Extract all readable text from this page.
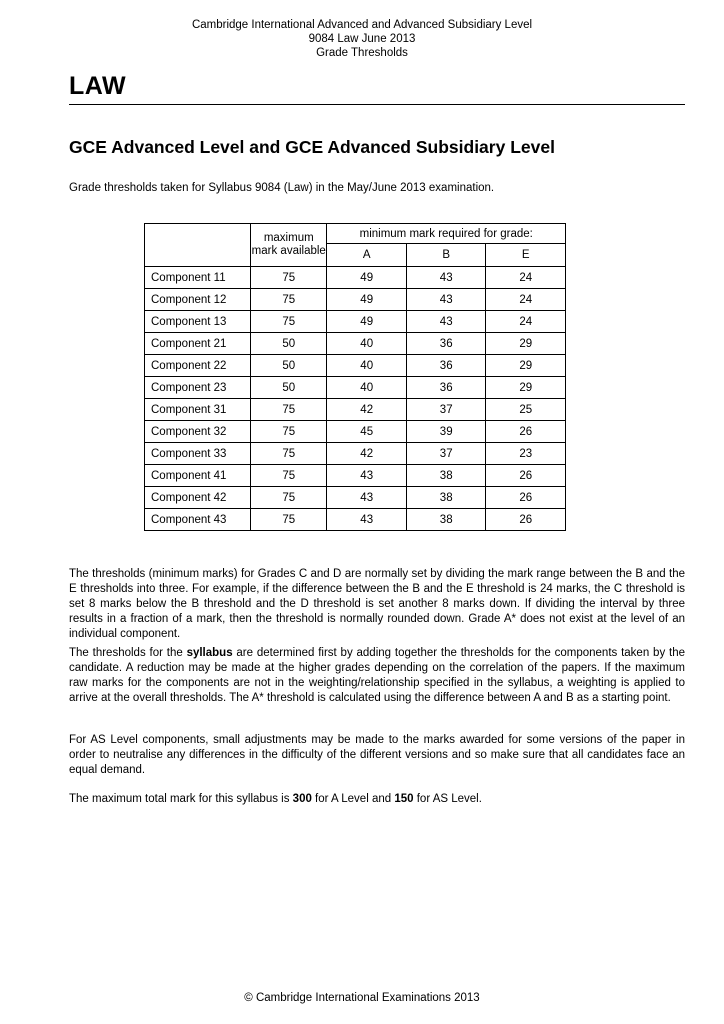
Cambridge International Advanced and Advanced Subsidiary Level
9084 Law June 2013
Grade Thresholds
LAW
GCE Advanced Level and GCE Advanced Subsidiary Level
Grade thresholds taken for Syllabus 9084 (Law) in the May/June 2013 examination.
	maximum mark available	minimum mark required for grade:		
		A	B	E
Component 11	75	49	43	24
Component 12	75	49	43	24
Component 13	75	49	43	24
Component 21	50	40	36	29
Component 22	50	40	36	29
Component 23	50	40	36	29
Component 31	75	42	37	25
Component 32	75	45	39	26
Component 33	75	42	37	23
Component 41	75	43	38	26
Component 42	75	43	38	26
Component 43	75	43	38	26

The thresholds (minimum marks) for Grades C and D are normally set by dividing the mark range between the B and the E thresholds into three. For example, if the difference between the B and the E threshold is 24 marks, the C threshold is set 8 marks below the B threshold and the D threshold is set another 8 marks down. If dividing the interval by three results in a fraction of a mark, then the threshold is normally rounded down. Grade A* does not exist at the level of an individual component.

The thresholds for the syllabus are determined first by adding together the thresholds for the components taken by the candidate. A reduction may be made at the higher grades depending on the correlation of the papers. If the maximum raw marks for the components are not in the weighting/relationship specified in the syllabus, a weighting is applied to arrive at the overall thresholds. The A* threshold is calculated using the difference between A and B as a starting point.

For AS Level components, small adjustments may be made to the marks awarded for some versions of the paper in order to neutralise any differences in the difficulty of the different versions and so make sure that all candidates face an equal demand.

The maximum total mark for this syllabus is 300 for A Level and 150 for AS Level.

© Cambridge International Examinations 2013
